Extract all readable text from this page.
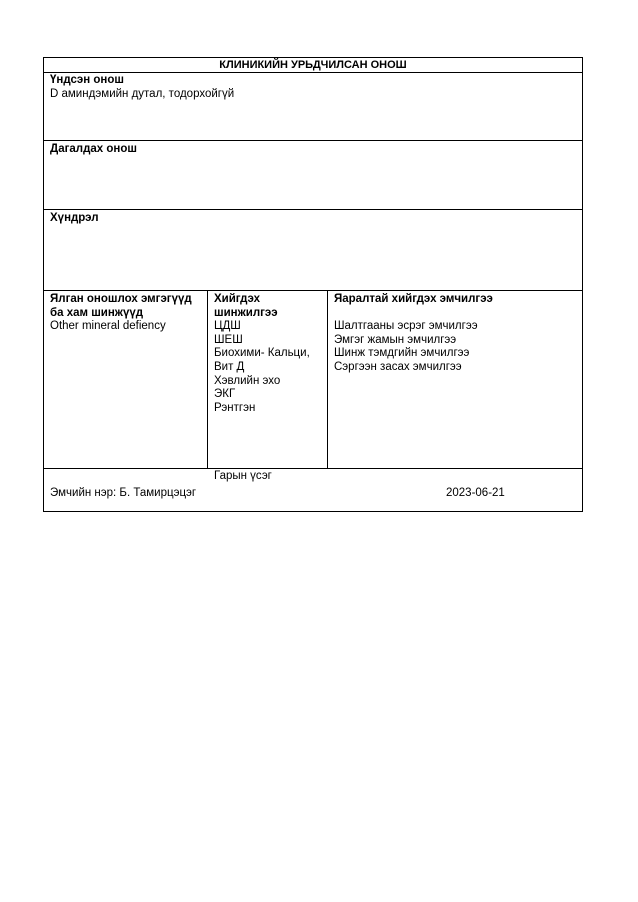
КЛИНИКИЙН УРЬДЧИЛСАН ОНОШ
Үндсэн онош
D аминдэмийн дутал, тодорхойгүй
Дагалдах онош
Хүндрэл
Ялган оношлох эмгэгүүд
ба хам шинжүүд
Other mineral defiency
Хийгдэх
шинжилгээ
ЦДШ
ШЕШ
Биохими- Кальци,
Вит Д
Хэвлийн эхо
ЭКГ
Рэнтгэн
Яаралтай хийгдэх эмчилгээ
Шалтгааны эсрэг эмчилгээ
Эмгэг жамын эмчилгээ
Шинж тэмдгийн эмчилгээ
Сэргээн засах эмчилгээ
Гарын үсэг
Эмчийн нэр: Б. Тамирцэцэг	2023-06-21
